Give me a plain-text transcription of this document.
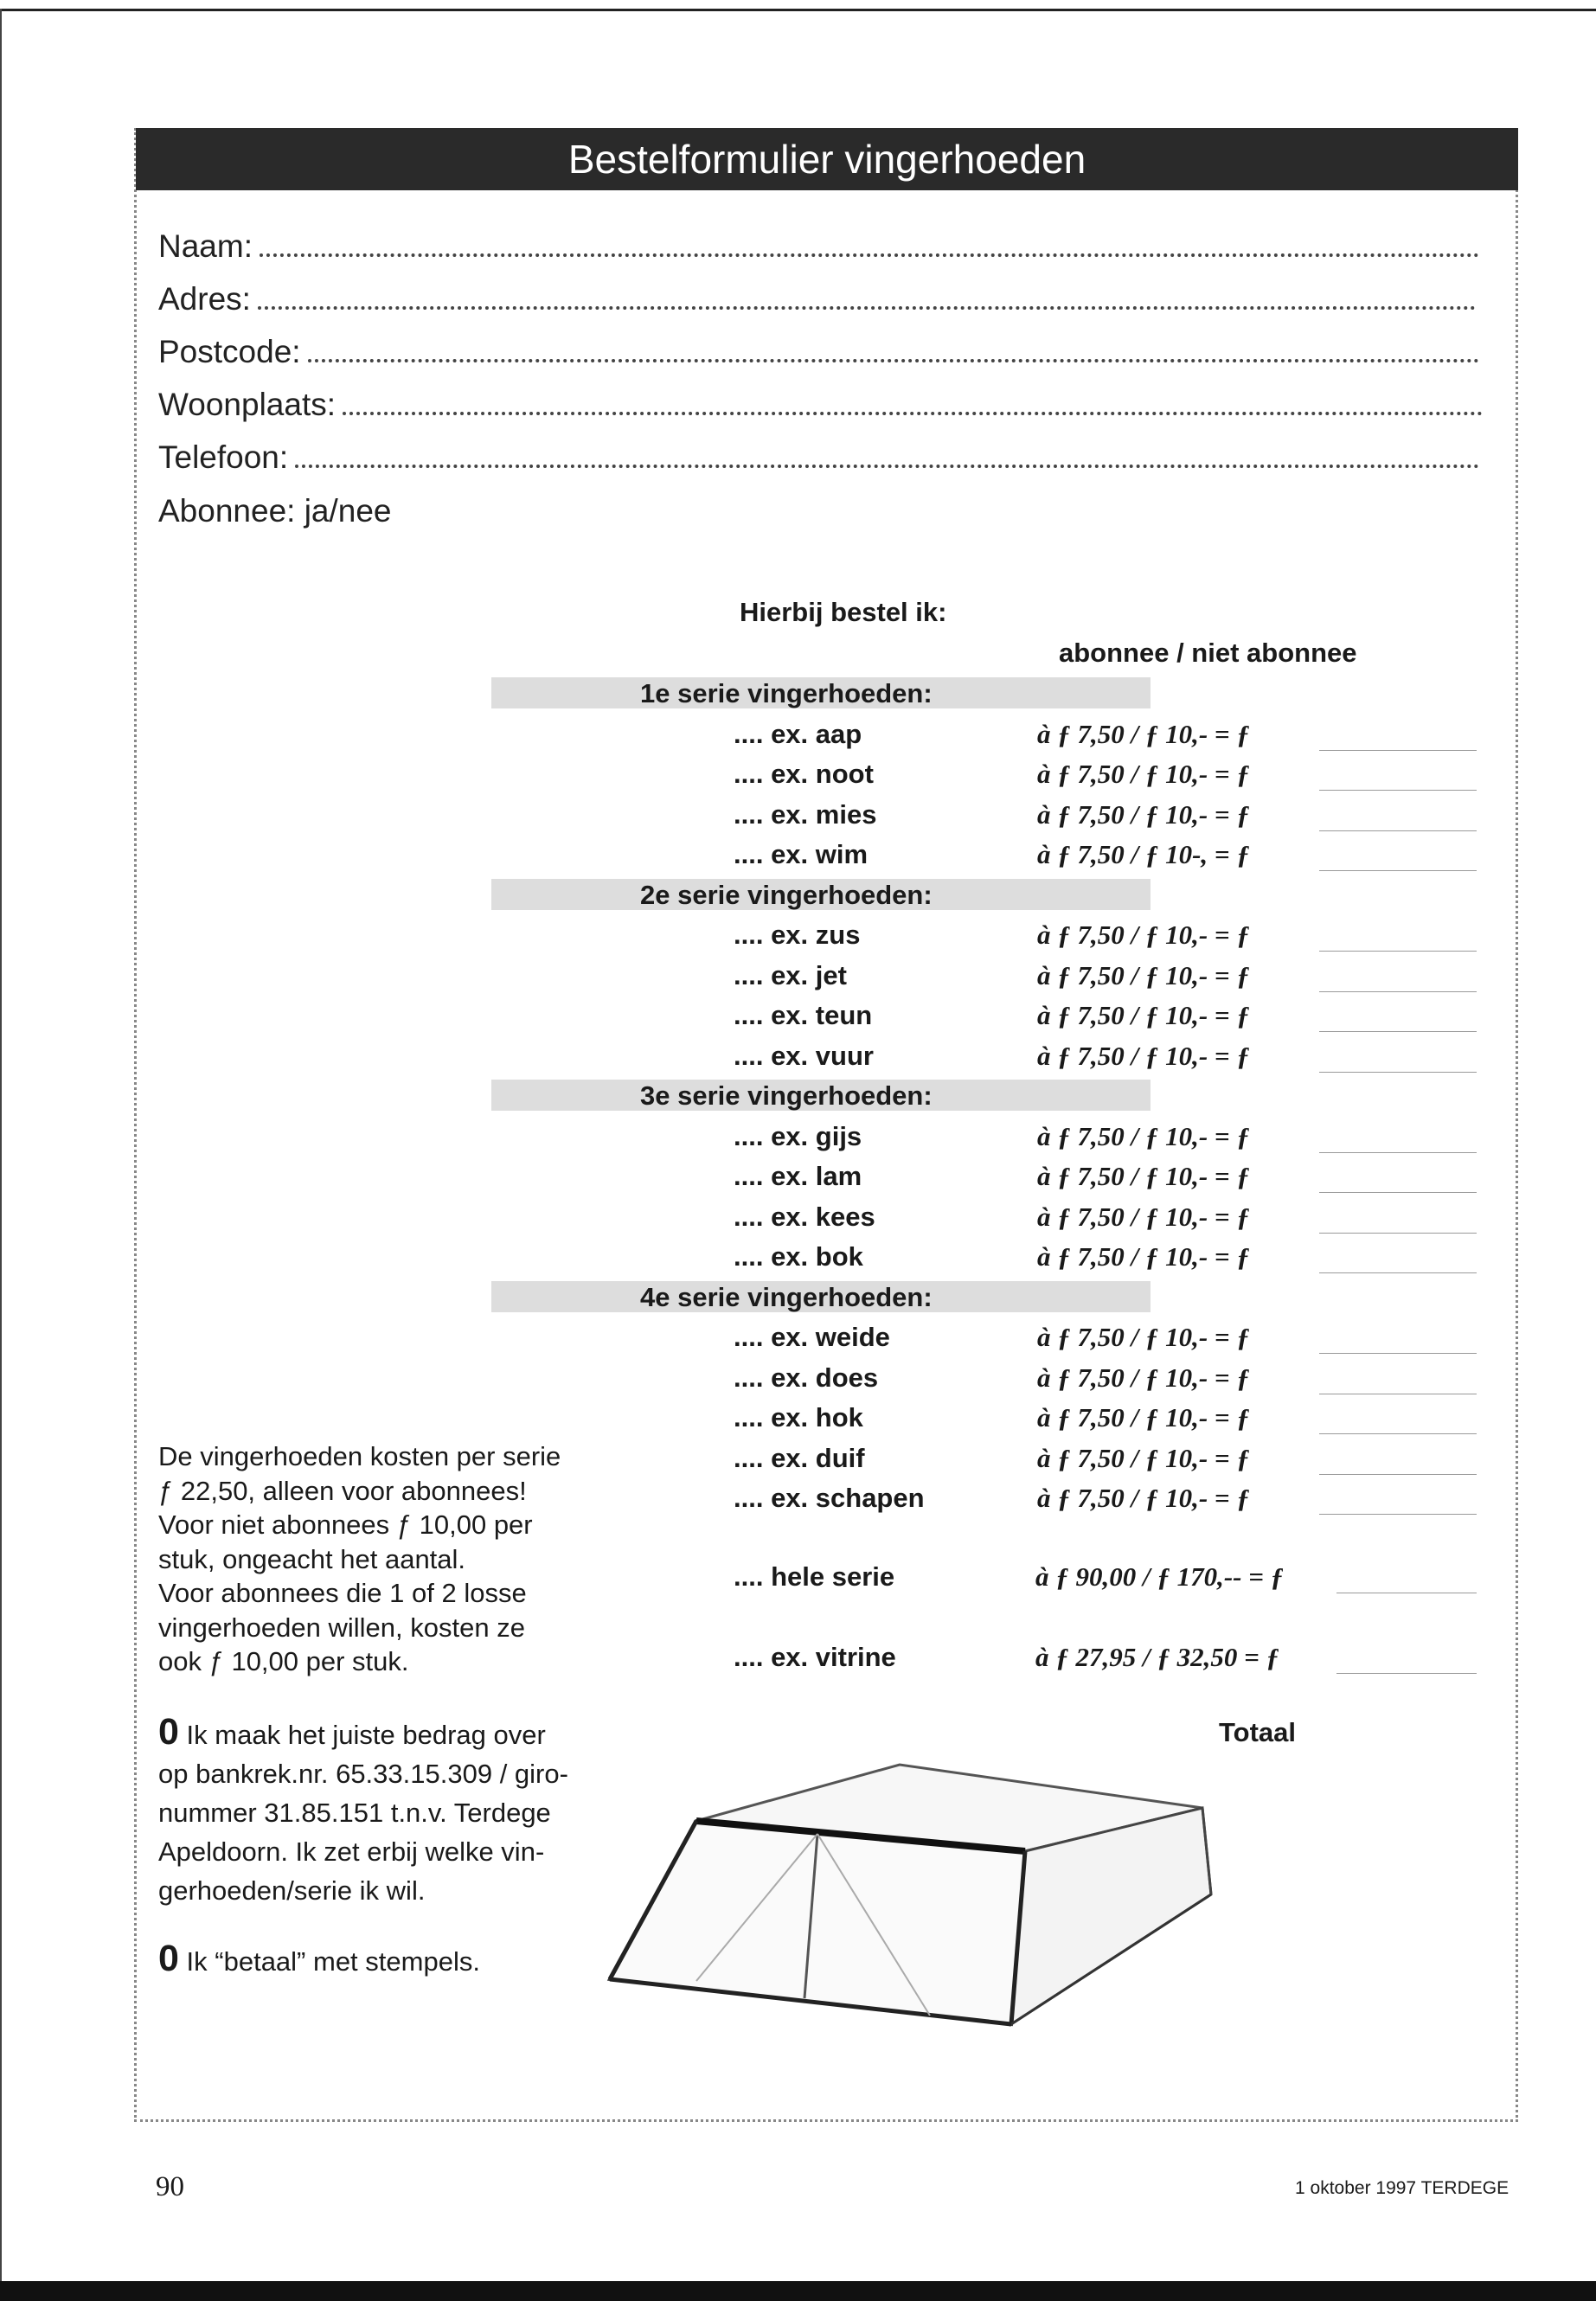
Bestelformulier vingerhoeden
Naam:
Adres:
Postcode:
Woonplaats:
Telefoon:
Abonnee: ja/nee
Hierbij bestel ik:
abonnee / niet abonnee
1e serie vingerhoeden:
.... ex. aap	à ƒ 7,50 / ƒ 10,- = ƒ
.... ex. noot	à ƒ 7,50 / ƒ 10,- = ƒ
.... ex. mies	à ƒ 7,50 / ƒ 10,- = ƒ
.... ex. wim	à ƒ 7,50 / ƒ 10-, = ƒ
2e serie vingerhoeden:
.... ex. zus	à ƒ 7,50 / ƒ 10,- = ƒ
.... ex. jet	à ƒ 7,50 / ƒ 10,- = ƒ
.... ex. teun	à ƒ 7,50 / ƒ 10,- = ƒ
.... ex. vuur	à ƒ 7,50 / ƒ 10,- = ƒ
3e serie vingerhoeden:
.... ex. gijs	à ƒ 7,50 / ƒ 10,- = ƒ
.... ex. lam	à ƒ 7,50 / ƒ 10,- = ƒ
.... ex. kees	à ƒ 7,50 / ƒ 10,- = ƒ
.... ex. bok	à ƒ 7,50 / ƒ 10,- = ƒ
4e serie vingerhoeden:
.... ex. weide	à ƒ 7,50 / ƒ 10,- = ƒ
.... ex. does	à ƒ 7,50 / ƒ 10,- = ƒ
.... ex. hok	à ƒ 7,50 / ƒ 10,- = ƒ
.... ex. duif	à ƒ 7,50 / ƒ 10,- = ƒ
.... ex. schapen	à ƒ 7,50 / ƒ 10,- = ƒ
.... hele serie	à ƒ 90,00 / ƒ 170,-- = ƒ
.... ex. vitrine	à ƒ 27,95 / ƒ 32,50 = ƒ
Totaal
De vingerhoeden kosten per serie
ƒ 22,50, alleen voor abonnees!
Voor niet abonnees ƒ 10,00 per
stuk, ongeacht het aantal.
Voor abonnees die 1 of 2 losse
vingerhoeden willen, kosten ze
ook ƒ 10,00 per stuk.
0 Ik maak het juiste bedrag over
op bankrek.nr. 65.33.15.309 / giro-
nummer 31.85.151 t.n.v. Terdege
Apeldoorn. Ik zet erbij welke vin-
gerhoeden/serie ik wil.
0 Ik “betaal” met stempels.
90	1 oktober 1997 TERDEGE
